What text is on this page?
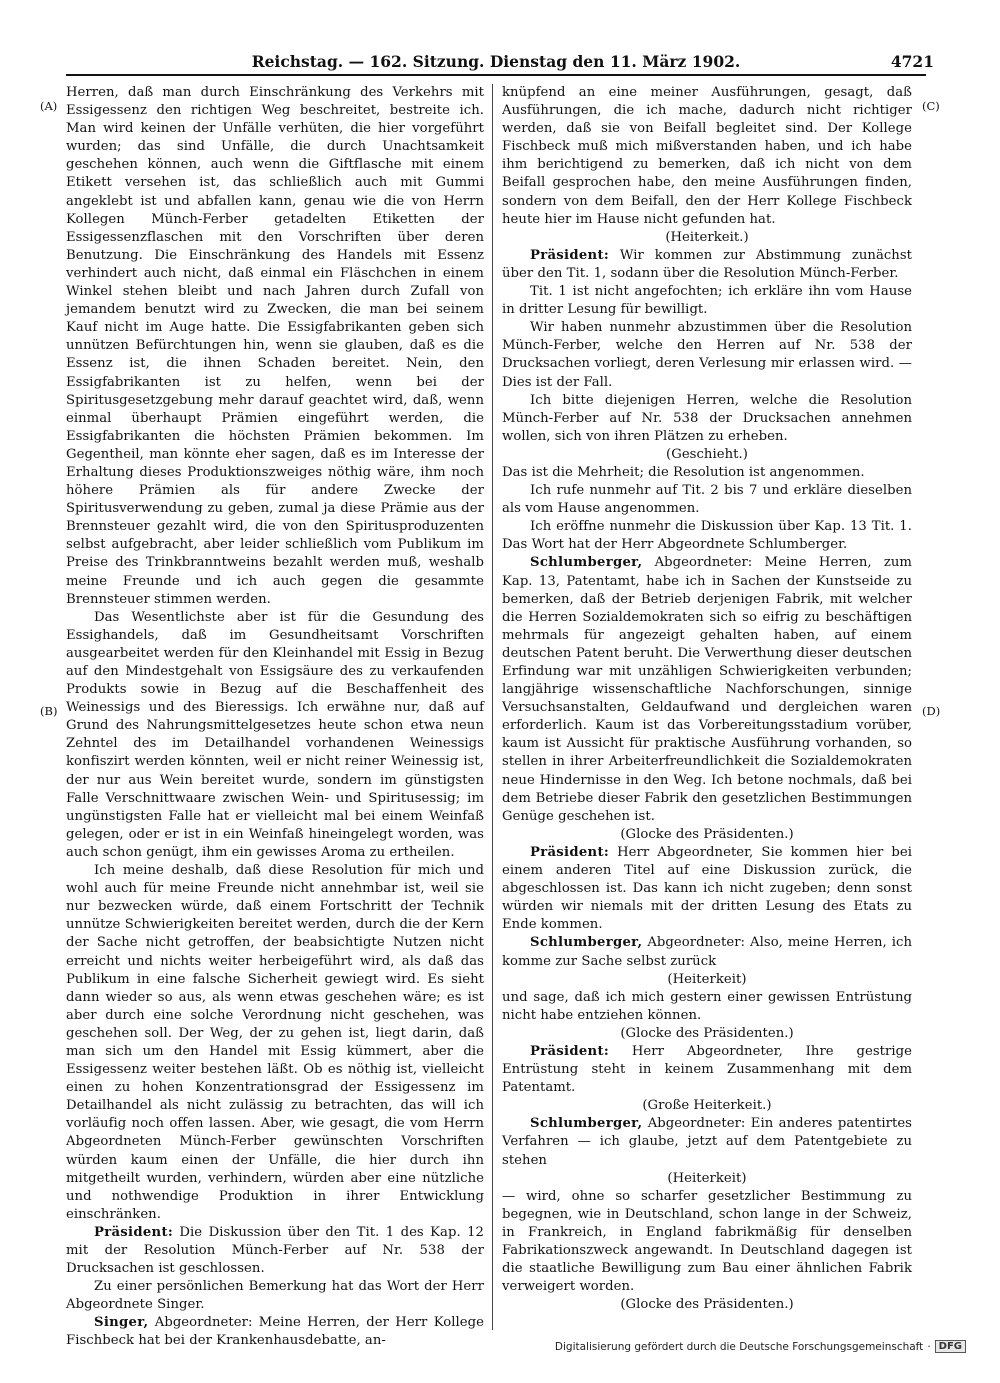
Reichstag. — 162. Sitzung. Dienstag den 11. März 1902.	4721
(A)
(B)
(C)
(D)

Herren, daß man durch Einschränkung des Verkehrs mit Essigessenz den richtigen Weg beschreitet, bestreite ich. Man wird keinen der Unfälle verhüten, die hier vorgeführt wurden; das sind Unfälle, die durch Unachtsamkeit geschehen können, auch wenn die Giftflasche mit einem Etikett versehen ist, das schließlich auch mit Gummi angeklebt ist und abfallen kann, genau wie die von Herrn Kollegen Münch-Ferber getadelten Etiketten der Essigessenzflaschen mit den Vorschriften über deren Benutzung. Die Einschränkung des Handels mit Essenz verhindert auch nicht, daß einmal ein Fläschchen in einem Winkel stehen bleibt und nach Jahren durch Zufall von jemandem benutzt wird zu Zwecken, die man bei seinem Kauf nicht im Auge hatte. Die Essigfabrikanten geben sich unnützen Befürchtungen hin, wenn sie glauben, daß es die Essenz ist, die ihnen Schaden bereitet. Nein, den Essigfabrikanten ist zu helfen, wenn bei der Spiritusgesetzgebung mehr darauf geachtet wird, daß, wenn einmal überhaupt Prämien eingeführt werden, die Essigfabrikanten die höchsten Prämien bekommen. Im Gegentheil, man könnte eher sagen, daß es im Interesse der Erhaltung dieses Produktionszweiges nöthig wäre, ihm noch höhere Prämien als für andere Zwecke der Spiritusverwendung zu geben, zumal ja diese Prämie aus der Brennsteuer gezahlt wird, die von den Spiritusproduzenten selbst aufgebracht, aber leider schließlich vom Publikum im Preise des Trinkbranntweins bezahlt werden muß, weshalb meine Freunde und ich auch gegen die gesammte Brennsteuer stimmen werden.

Das Wesentlichste aber ist für die Gesundung des Essighandels, daß im Gesundheitsamt Vorschriften ausgearbeitet werden für den Kleinhandel mit Essig in Bezug auf den Mindestgehalt von Essigsäure des zu verkaufenden Produkts sowie in Bezug auf die Beschaffenheit des Weinessigs und des Bieressigs. Ich erwähne nur, daß auf Grund des Nahrungsmittelgesetzes heute schon etwa neun Zehntel des im Detailhandel vorhandenen Weinessigs konfiszirt werden könnten, weil er nicht reiner Weinessig ist, der nur aus Wein bereitet wurde, sondern im günstigsten Falle Verschnittwaare zwischen Wein- und Spiritusessig; im ungünstigsten Falle hat er vielleicht mal bei einem Weinfaß gelegen, oder er ist in ein Weinfaß hineingelegt worden, was auch schon genügt, ihm ein gewisses Aroma zu ertheilen.

Ich meine deshalb, daß diese Resolution für mich und wohl auch für meine Freunde nicht annehmbar ist, weil sie nur bezwecken würde, daß einem Fortschritt der Technik unnütze Schwierigkeiten bereitet werden, durch die der Kern der Sache nicht getroffen, der beabsichtigte Nutzen nicht erreicht und nichts weiter herbeigeführt wird, als daß das Publikum in eine falsche Sicherheit gewiegt wird. Es sieht dann wieder so aus, als wenn etwas geschehen wäre; es ist aber durch eine solche Verordnung nicht geschehen, was geschehen soll. Der Weg, der zu gehen ist, liegt darin, daß man sich um den Handel mit Essig kümmert, aber die Essigessenz weiter bestehen läßt. Ob es nöthig ist, vielleicht einen zu hohen Konzentrationsgrad der Essigessenz im Detailhandel als nicht zulässig zu betrachten, das will ich vorläufig noch offen lassen. Aber, wie gesagt, die vom Herrn Abgeordneten Münch-Ferber gewünschten Vorschriften würden kaum einen der Unfälle, die hier durch ihn mitgetheilt wurden, verhindern, würden aber eine nützliche und nothwendige Produktion in ihrer Entwicklung einschränken.

Präsident: Die Diskussion über den Tit. 1 des Kap. 12 mit der Resolution Münch-Ferber auf Nr. 538 der Drucksachen ist geschlossen.

Zu einer persönlichen Bemerkung hat das Wort der Herr Abgeordnete Singer.

Singer, Abgeordneter: Meine Herren, der Herr Kollege Fischbeck hat bei der Krankenhausdebatte, an-

knüpfend an eine meiner Ausführungen, gesagt, daß Ausführungen, die ich mache, dadurch nicht richtiger werden, daß sie von Beifall begleitet sind. Der Kollege Fischbeck muß mich mißverstanden haben, und ich habe ihm berichtigend zu bemerken, daß ich nicht von dem Beifall gesprochen habe, den meine Ausführungen finden, sondern von dem Beifall, den der Herr Kollege Fischbeck heute hier im Hause nicht gefunden hat.

(Heiterkeit.)

Präsident: Wir kommen zur Abstimmung zunächst über den Tit. 1, sodann über die Resolution Münch-Ferber.

Tit. 1 ist nicht angefochten; ich erkläre ihn vom Hause in dritter Lesung für bewilligt.

Wir haben nunmehr abzustimmen über die Resolution Münch-Ferber, welche den Herren auf Nr. 538 der Drucksachen vorliegt, deren Verlesung mir erlassen wird. — Dies ist der Fall.

Ich bitte diejenigen Herren, welche die Resolution Münch-Ferber auf Nr. 538 der Drucksachen annehmen wollen, sich von ihren Plätzen zu erheben.

(Geschieht.)

Das ist die Mehrheit; die Resolution ist angenommen.

Ich rufe nunmehr auf Tit. 2 bis 7 und erkläre dieselben als vom Hause angenommen.

Ich eröffne nunmehr die Diskussion über Kap. 13 Tit. 1. Das Wort hat der Herr Abgeordnete Schlumberger.

Schlumberger, Abgeordneter: Meine Herren, zum Kap. 13, Patentamt, habe ich in Sachen der Kunstseide zu bemerken, daß der Betrieb derjenigen Fabrik, mit welcher die Herren Sozialdemokraten sich so eifrig zu beschäftigen mehrmals für angezeigt gehalten haben, auf einem deutschen Patent beruht. Die Verwerthung dieser deutschen Erfindung war mit unzähligen Schwierigkeiten verbunden; langjährige wissenschaftliche Nachforschungen, sinnige Versuchsanstalten, Geldaufwand und dergleichen waren erforderlich. Kaum ist das Vorbereitungsstadium vorüber, kaum ist Aussicht für praktische Ausführung vorhanden, so stellen in ihrer Arbeiterfreundlichkeit die Sozialdemokraten neue Hindernisse in den Weg. Ich betone nochmals, daß bei dem Betriebe dieser Fabrik den gesetzlichen Bestimmungen Genüge geschehen ist.

(Glocke des Präsidenten.)

Präsident: Herr Abgeordneter, Sie kommen hier bei einem anderen Titel auf eine Diskussion zurück, die abgeschlossen ist. Das kann ich nicht zugeben; denn sonst würden wir niemals mit der dritten Lesung des Etats zu Ende kommen.

Schlumberger, Abgeordneter: Also, meine Herren, ich komme zur Sache selbst zurück

(Heiterkeit)

und sage, daß ich mich gestern einer gewissen Entrüstung nicht habe entziehen können.

(Glocke des Präsidenten.)

Präsident: Herr Abgeordneter, Ihre gestrige Entrüstung steht in keinem Zusammenhang mit dem Patentamt.

(Große Heiterkeit.)

Schlumberger, Abgeordneter: Ein anderes patentirtes Verfahren — ich glaube, jetzt auf dem Patentgebiete zu stehen

(Heiterkeit)

— wird, ohne so scharfer gesetzlicher Bestimmung zu begegnen, wie in Deutschland, schon lange in der Schweiz, in Frankreich, in England fabrikmäßig für denselben Fabrikationszweck angewandt. In Deutschland dagegen ist die staatliche Bewilligung zum Bau einer ähnlichen Fabrik verweigert worden.

(Glocke des Präsidenten.)

Digitalisierung gefördert durch die Deutsche Forschungsgemeinschaft · DFG
